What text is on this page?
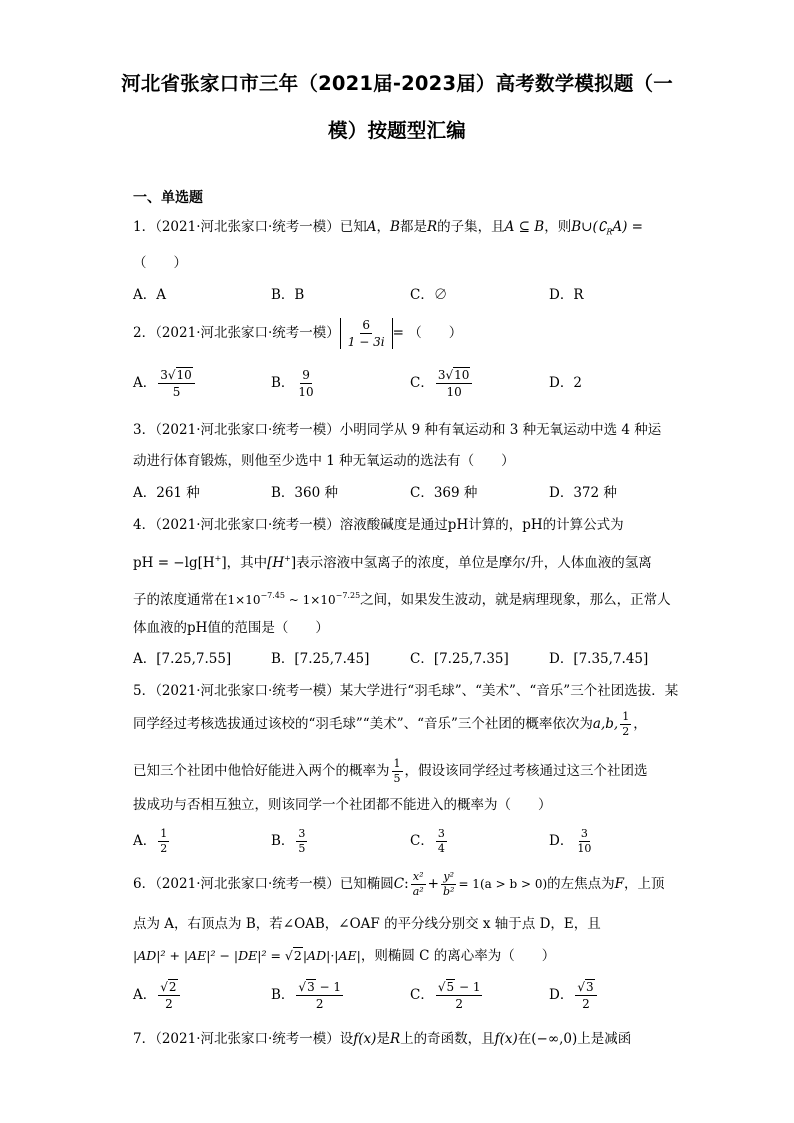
河北省张家口市三年（2021届-2023届）高考数学模拟题（一
模）按题型汇编
一、单选题
1．（2021·河北张家口·统考一模）已知A，B都是R的子集，且A ⊆ B，则$B\cup(∁_RA)$ =
（　　）
A．A	B．B	C．∅	D．R
2．（2021·河北张家口·统考一模） $\frac{6}{1 - 3i}$ = （　　）
A． $\frac{3√10}{5}$	B． $\frac{9}{10}$	C． $\frac{3√10}{10}$	D．2
3．（2021·河北张家口·统考一模）小明同学从 9 种有氧运动和 3 种无氧运动中选 4 种运
动进行体育锻炼，则他至少选中 1 种无氧运动的选法有（　　）
A．261 种	B．360 种	C．369 种	D．372 种
4．（2021·河北张家口·统考一模）溶液酸碱度是通过pH计算的，pH的计算公式为
pH = −lg[H+]，其中[H+]表示溶液中氢离子的浓度，单位是摩尔/升，人体血液的氢离
子的浓度通常在$1\times 10^{-7.45}$ ~ $1\times 10^{-7.25}$之间，如果发生波动，就是病理现象，那么，正常人
体血液的pH值的范围是（　　）
A．[7.25,7.55]	B．[7.25,7.45]	C．[7.25,7.35]	D．[7.35,7.45]
5．（2021·河北张家口·统考一模）某大学进行“羽毛球”、“美术”、“音乐”三个社团选拔．某
同学经过考核选拔通过该校的“羽毛球”“美术”、“音乐”三个社团的概率依次为a,b, $\frac{1}{2}$ ，
已知三个社团中他恰好能进入两个的概率为 $\frac{1}{5}$ ，假设该同学经过考核通过这三个社团选
拔成功与否相互独立，则该同学一个社团都不能进入的概率为（　　）
A． $\frac{1}{2}$	B． $\frac{3}{5}$	C． $\frac{3}{4}$	D． $\frac{3}{10}$
6．（2021·河北张家口·统考一模）已知椭圆C: $\frac{\text{x²}}{\text{a²}} + \frac{\text{y²}}{\text{b²}} = 1(a > b > 0)$的左焦点为F，上顶
点为 A，右顶点为 B，若∠OAB，∠OAF 的平分线分别交 x 轴于点 D，E，且
|AD|² + |AE|² − |DE|² = √2|AD|·|AE|，则椭圆 C 的离心率为（　　）
A． $\frac{√2}{2}$	B． $\frac{√3 - 1}{2}$	C． $\frac{√5 - 1}{2}$	D． $\frac{√3}{2}$
7．（2021·河北张家口·统考一模）设f(x)是R上的奇函数，且f(x)在(−∞,0)上是减函
